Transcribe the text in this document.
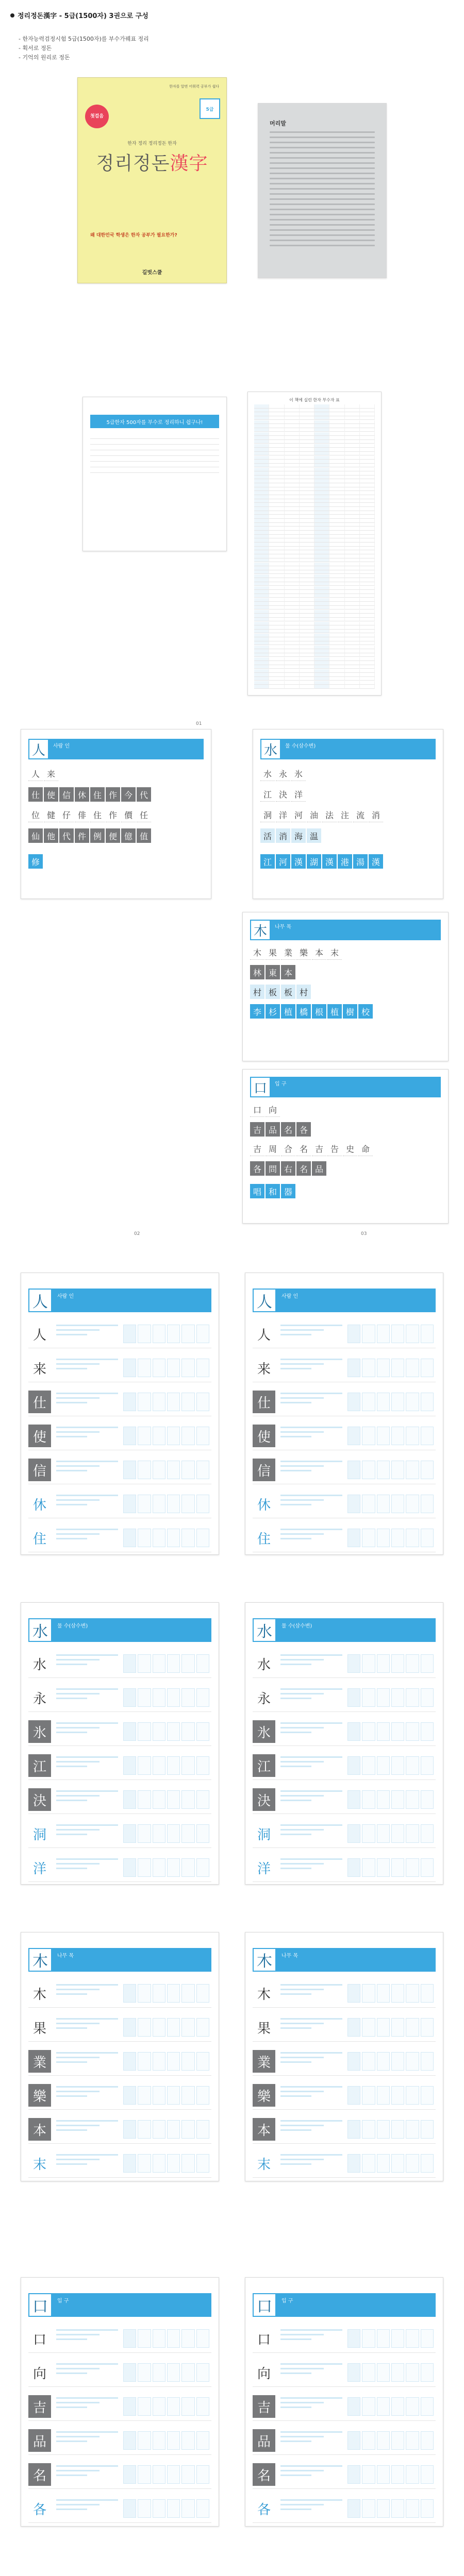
정리정돈漢字 - 5급(1500자) 3권으로 구성
- 한자능력검정시험 5급(1500자)를 부수가꿰표 정리
- 획서로 정돈
- 기억의 원리로 정돈
첫걸음
한자를 알면 어휘력 공부가 쉽다
5급
한자 정리 정리정돈 한자
정리정돈漢字
왜 대한민국 학생은 한자 공부가 필요한가?
길벗스쿨
머리말
5급한자 500자를 부수로 정리하니 쉽구나!

이 책에 실린 한자 부수자 표
01
人	사람 인
人 来
仕 使 信 休 住 作 今 代
位 健 仔 俳 住 作 價 任
仙 他 代 件 例 便 億 值
修
水	물 수(삼수변)
水 永 氷
江 決 洋
洞 洋 河 油 法 注 流 消
活 消 海 温
江 河 漢 湖 漢 港 湯 漢
木	나무 목
木 果 業 樂 本 末
林 東 本
村 板 板 村
李 杉 植 橋 根 植 樹 校
口	입 구
口 向
吉 品 名 各
吉 周 合 名 吉 告 史 命
各 問 右 名 品
唱 和 器
02	03
人	사람 인
人
来
仕
使
信
休
住
人	사람 인
人
来
仕
使
信
休
住
水	물 수(삼수변)
水
永
氷
江
決
洞
洋
水	물 수(삼수변)
水
永
氷
江
決
洞
洋
木	나무 목
木
果
業
樂
本
末
木	나무 목
木
果
業
樂
本
末
口	입 구
口
向
吉
品
名
各
口	입 구
口
向
吉
品
名
各
